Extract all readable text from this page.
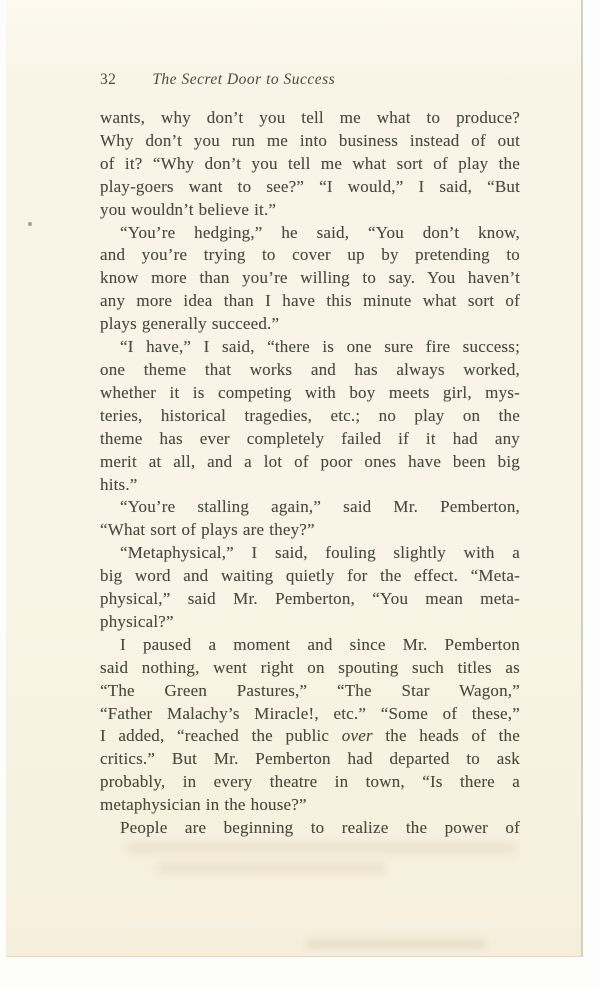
32 The Secret Door to Success
wants, why don’t you tell me what to produce?
Why don’t you run me into business instead of out
of it? “Why don’t you tell me what sort of play the
play-goers want to see?” “I would,” I said, “But
you wouldn’t believe it.”
“You’re hedging,” he said, “You don’t know,
and you’re trying to cover up by pretending to
know more than you’re willing to say. You haven’t
any more idea than I have this minute what sort of
plays generally succeed.”
“I have,” I said, “there is one sure fire success;
one theme that works and has always worked,
whether it is competing with boy meets girl, mys-
teries, historical tragedies, etc.; no play on the
theme has ever completely failed if it had any
merit at all, and a lot of poor ones have been big
hits.”
“You’re stalling again,” said Mr. Pemberton,
“What sort of plays are they?”
“Metaphysical,” I said, fouling slightly with a
big word and waiting quietly for the effect. “Meta-
physical,” said Mr. Pemberton, “You mean meta-
physical?”
I paused a moment and since Mr. Pemberton
said nothing, went right on spouting such titles as
“The Green Pastures,” “The Star Wagon,”
“Father Malachy’s Miracle!, etc.” “Some of these,”
I added, “reached the public over the heads of the
critics.” But Mr. Pemberton had departed to ask
probably, in every theatre in town, “Is there a
metaphysician in the house?”
People are beginning to realize the power of
